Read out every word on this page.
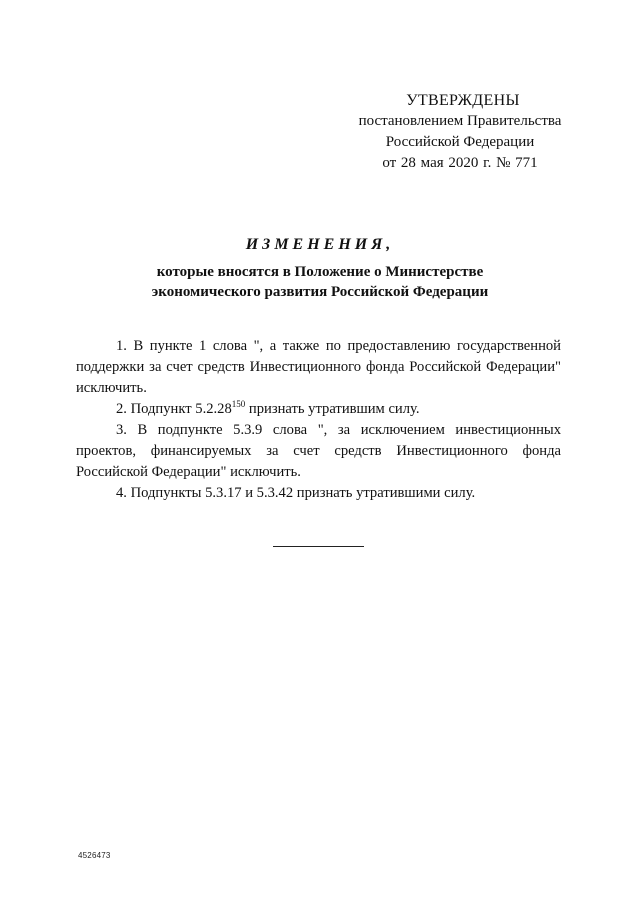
УТВЕРЖДЕНЫ
постановлением Правительства
Российской Федерации
от 28 мая 2020 г. № 771
ИЗМЕНЕНИЯ,
которые вносятся в Положение о Министерстве
экономического развития Российской Федерации

1. В пункте 1 слова ", а также по предоставлению государственной поддержки за счет средств Инвестиционного фонда Российской Федерации" исключить.

2. Подпункт 5.2.28$^{150}$ признать утратившим силу.

3. В подпункте 5.3.9 слова ", за исключением инвестиционных проектов, финансируемых за счет средств Инвестиционного фонда Российской Федерации" исключить.

4. Подпункты 5.3.17 и 5.3.42 признать утратившими силу.

4526473
